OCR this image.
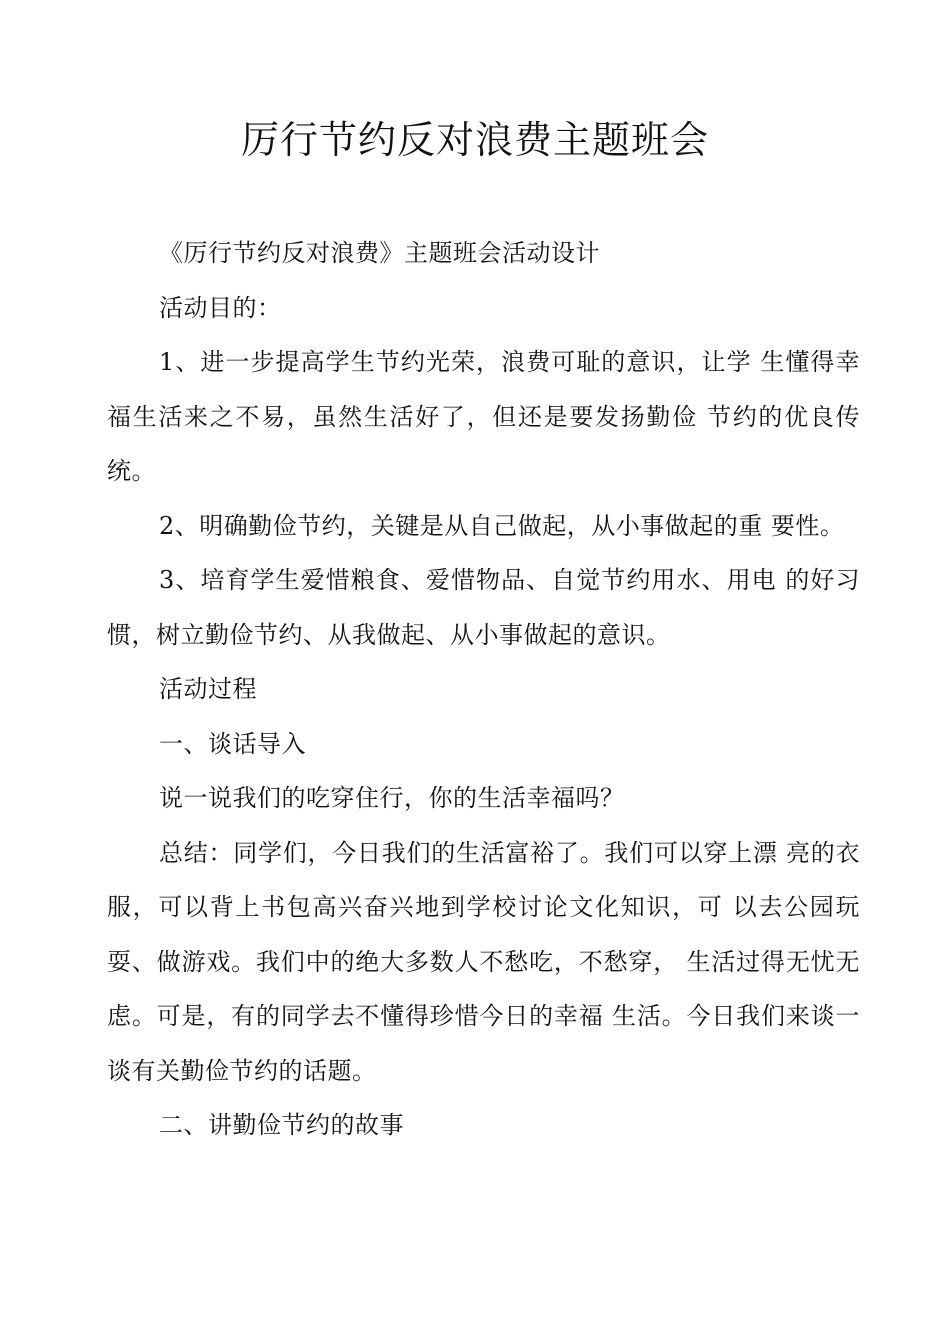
厉行节约反对浪费主题班会

《厉行节约反对浪费》主题班会活动设计

活动目的：

1、进一步提高学生节约光荣，浪费可耻的意识，让学 生懂得幸福生活来之不易，虽然生活好了，但还是要发扬勤俭 节约的优良传统。

2、明确勤俭节约，关键是从自己做起，从小事做起的重 要性。

3、培育学生爱惜粮食、爱惜物品、自觉节约用水、用电 的好习惯，树立勤俭节约、从我做起、从小事做起的意识。

活动过程

一、谈话导入

说一说我们的吃穿住行，你的生活幸福吗？

总结：同学们，今日我们的生活富裕了。我们可以穿上漂 亮的衣服，可以背上书包高兴奋兴地到学校讨论文化知识，可 以去公园玩耍、做游戏。我们中的绝大多数人不愁吃，不愁穿， 生活过得无忧无虑。可是，有的同学去不懂得珍惜今日的幸福 生活。今日我们来谈一谈有关勤俭节约的话题。

二、讲勤俭节约的故事
